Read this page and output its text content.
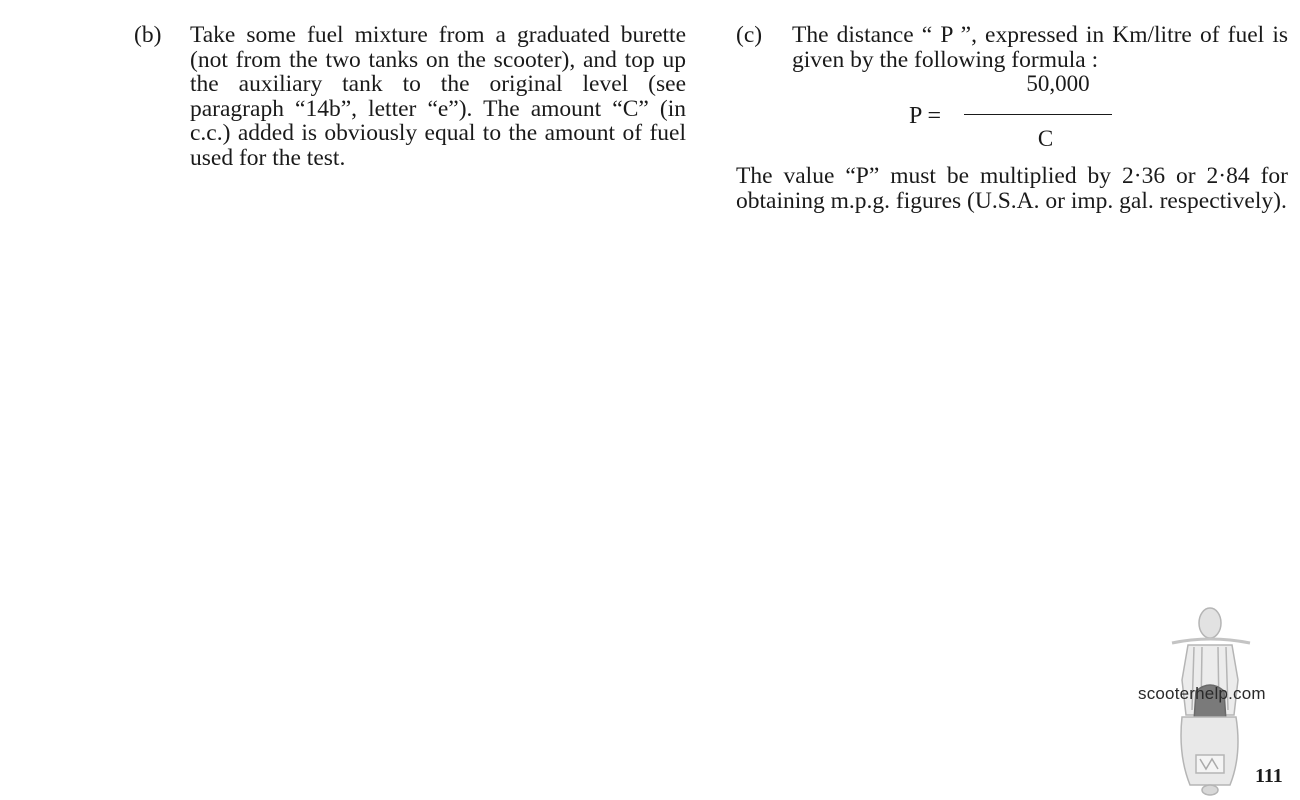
(b)	Take some fuel mixture from a graduated burette (not from the two tanks on the scooter), and top up the auxiliary tank to the original level (see paragraph “14b”, letter “e”). The amount “C” (in c.c.) added is obviously equal to the amount of fuel used for the test.
(c)	The distance “ P ”, expressed in Km/litre of fuel is given by the following formula :
P =
50,000
C
The value “P” must be multiplied by 2·36 or 2·84 for obtaining m.p.g. figures (U.S.A. or imp. gal. respectively).
scooterhelp.com
111
